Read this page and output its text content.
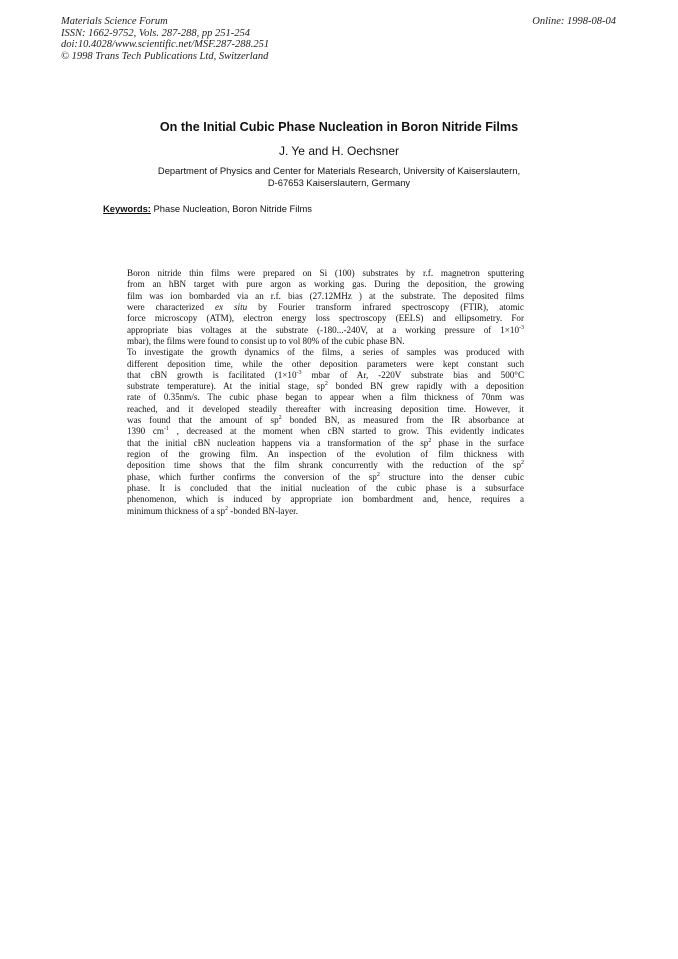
Materials Science Forum
ISSN: 1662-9752, Vols. 287-288, pp 251-254
doi:10.4028/www.scientific.net/MSF.287-288.251
© 1998 Trans Tech Publications Ltd, Switzerland
Online: 1998-08-04
On the Initial Cubic Phase Nucleation in Boron Nitride Films
J. Ye and H. Oechsner
Department of Physics and Center for Materials Research, University of Kaiserslautern,
D-67653 Kaiserslautern, Germany
Keywords: Phase Nucleation, Boron Nitride Films
Boron nitride thin films were prepared on Si (100) substrates by r.f. magnetron sputtering
from an hBN target with pure argon as working gas. During the deposition, the growing
film was ion bombarded via an r.f. bias (27.12MHz ) at the substrate. The deposited films
were characterized ex situ by Fourier transform infrared spectroscopy (FTIR), atomic
force microscopy (ATM), electron energy loss spectroscopy (EELS) and ellipsometry. For
appropriate bias voltages at the substrate (-180...-240V, at a working pressure of $1\times 10^{-3}$
mbar), the films were found to consist up to vol 80% of the cubic phase BN.
To investigate the growth dynamics of the films, a series of samples was produced with
different deposition time, while the other deposition parameters were kept constant such
that cBN growth is facilitated ($1\times 10^{-3}$ mbar of Ar, -220V substrate bias and 500°C
substrate temperature). At the initial stage, $sp^2$ bonded BN grew rapidly with a deposition
rate of 0.35nm/s. The cubic phase began to appear when a film thickness of 70nm was
reached, and it developed steadily thereafter with increasing deposition time. However, it
was found that the amount of $sp^2$ bonded BN, as measured from the IR absorbance at
1390 $cm^{-1}$ , decreased at the moment when cBN started to grow. This evidently indicates
that the initial cBN nucleation happens via a transformation of the $sp^2$ phase in the surface
region of the growing film. An inspection of the evolution of film thickness with
deposition time shows that the film shrank concurrently with the reduction of the $sp^2$
phase, which further confirms the conversion of the $sp^2$ structure into the denser cubic
phase. It is concluded that the initial nucleation of the cubic phase is a subsurface
phenomenon, which is induced by appropriate ion bombardment and, hence, requires a
minimum thickness of a $sp^2$ -bonded BN-layer.
